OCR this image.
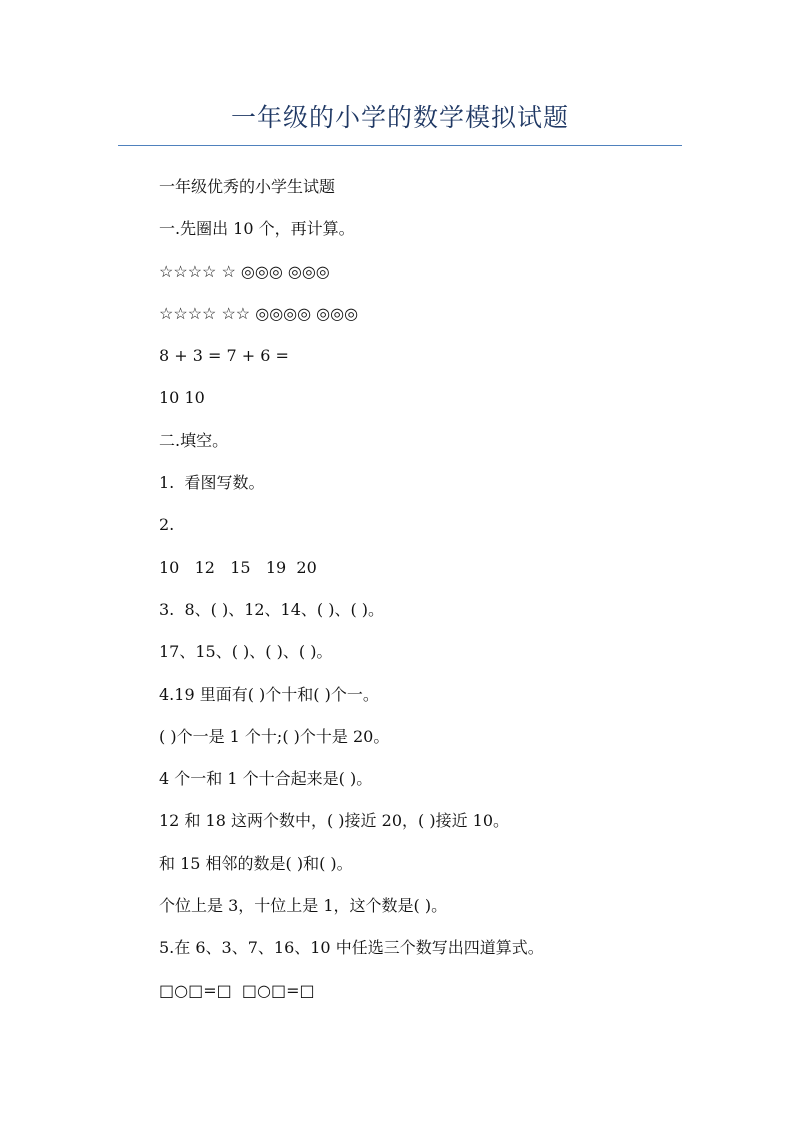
一年级的小学的数学模拟试题
一年级优秀的小学生试题
一.先圈出 10 个，再计算。
☆☆☆☆ ☆ ◎◎◎ ◎◎◎
☆☆☆☆ ☆☆ ◎◎◎◎ ◎◎◎
8 + 3 = 7 + 6 =
10 10
二.填空。
1.  看图写数。
2.
10   12   15   19  20
3.  8、( )、12、14、( )、( )。
17、15、( )、( )、( )。
4.19 里面有( )个十和( )个一。
( )个一是 1 个十;( )个十是 20。
4 个一和 1 个十合起来是( )。
12 和 18 这两个数中，( )接近 20，( )接近 10。
和 15 相邻的数是( )和( )。
个位上是 3，十位上是 1，这个数是( )。
5.在 6、3、7、16、10 中任选三个数写出四道算式。
□○□=□  □○□=□
